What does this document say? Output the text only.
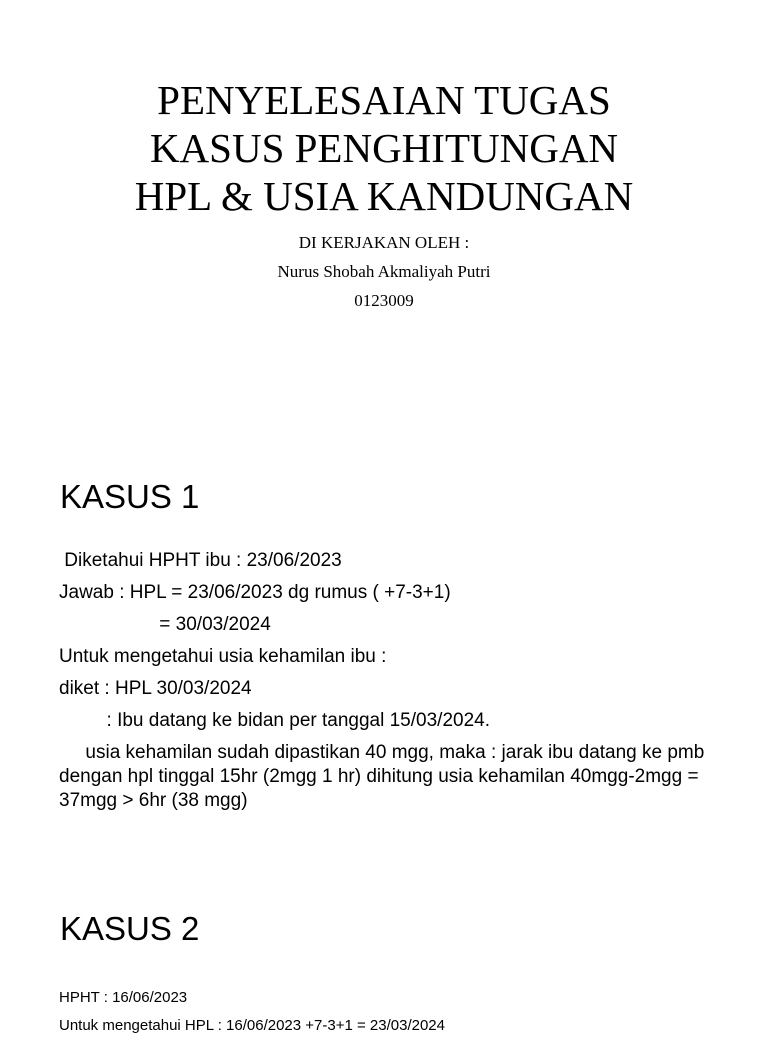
PENYELESAIAN TUGAS
KASUS PENGHITUNGAN
HPL & USIA KANDUNGAN
DI KERJAKAN OLEH :
Nurus Shobah Akmaliyah Putri
0123009
KASUS 1
Diketahui HPHT ibu : 23/06/2023
Jawab : HPL = 23/06/2023 dg rumus ( +7-3+1)
= 30/03/2024
Untuk mengetahui usia kehamilan ibu :
diket : HPL 30/03/2024
: Ibu datang ke bidan per tanggal 15/03/2024.

usia kehamilan sudah dipastikan 40 mgg, maka : jarak ibu datang ke pmb dengan hpl tinggal 15hr (2mgg 1 hr) dihitung usia kehamilan 40mgg-2mgg = 37mgg > 6hr (38 mgg)

KASUS 2
HPHT : 16/06/2023
Untuk mengetahui HPL : 16/06/2023 +7-3+1 = 23/03/2024
